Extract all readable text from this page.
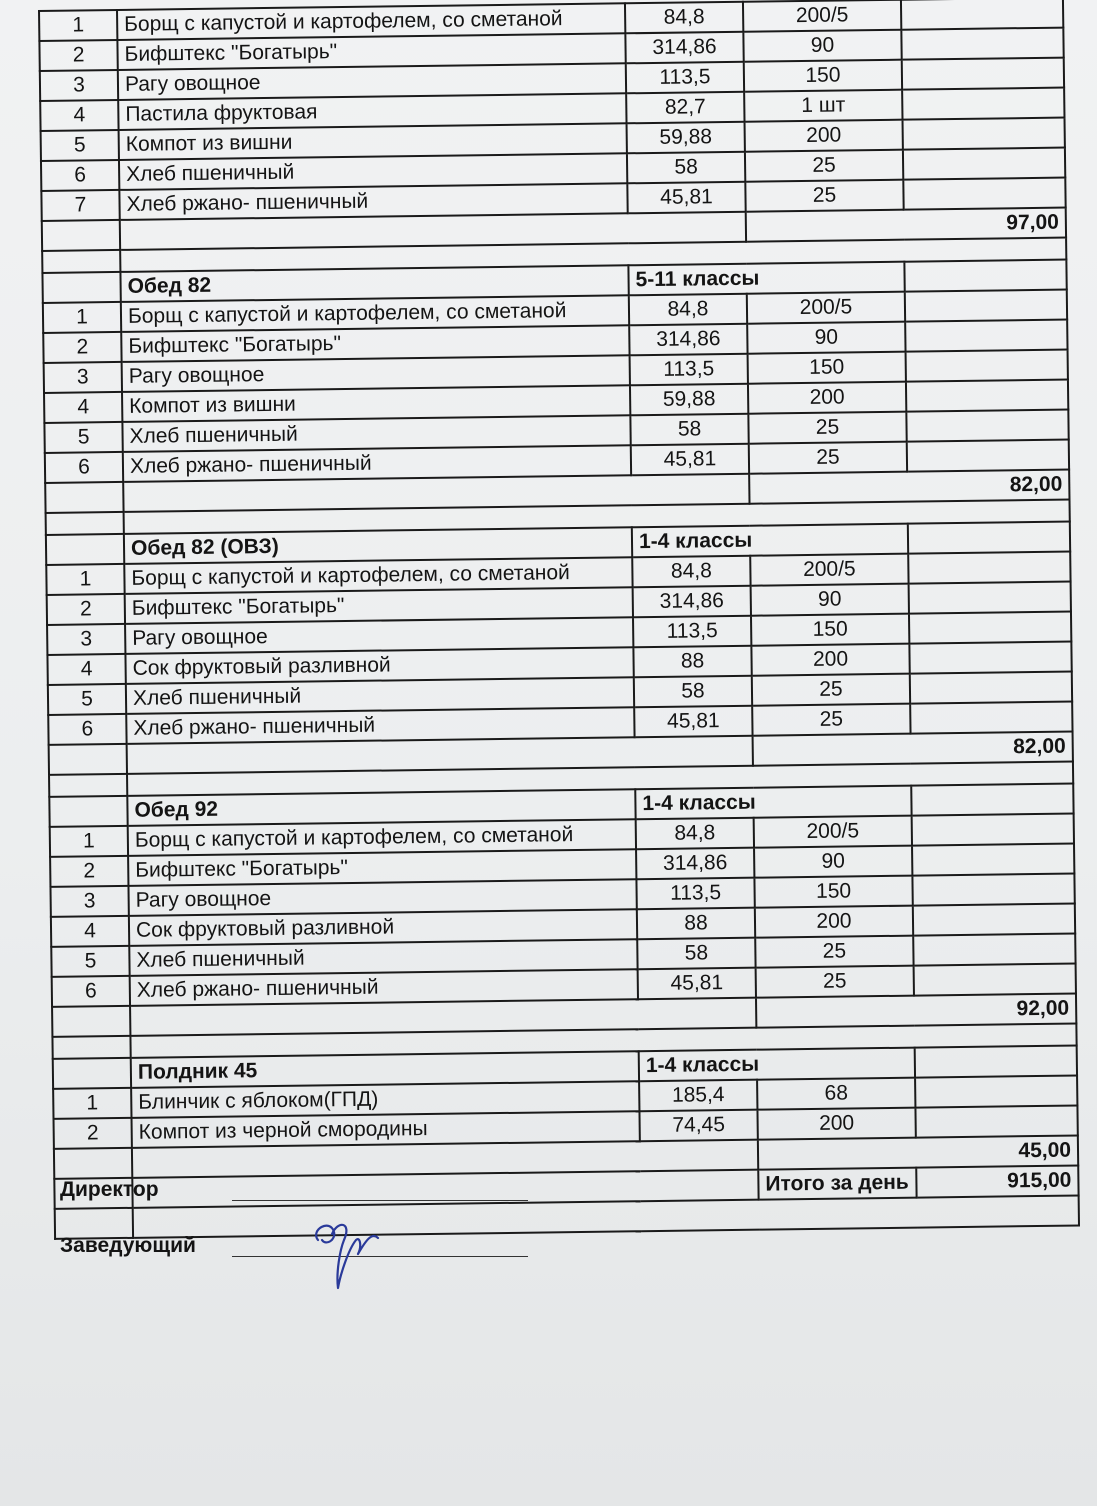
1	Борщ с капустой и картофелем, со сметаной	84,8	200/5	
2	Бифштекс "Богатырь"	314,86	90	
3	Рагу овощное	113,5	150	
4	Пастила фруктовая	82,7	1 шт	
5	Компот из вишни	59,88	200	
6	Хлеб пшеничный	58	25	
7	Хлеб ржано- пшеничный	45,81	25	
			97,00	

	Обед 82	5-11 классы		
1	Борщ с капустой и картофелем, со сметаной	84,8	200/5	
2	Бифштекс "Богатырь"	314,86	90	
3	Рагу овощное	113,5	150	
4	Компот из вишни	59,88	200	
5	Хлеб пшеничный	58	25	
6	Хлеб ржано- пшеничный	45,81	25	
			82,00	

	Обед 82 (ОВЗ)	1-4 классы		
1	Борщ с капустой и картофелем, со сметаной	84,8	200/5	
2	Бифштекс "Богатырь"	314,86	90	
3	Рагу овощное	113,5	150	
4	Сок фруктовый разливной	88	200	
5	Хлеб пшеничный	58	25	
6	Хлеб ржано- пшеничный	45,81	25	
			82,00	

	Обед 92	1-4 классы		
1	Борщ с капустой и картофелем, со сметаной	84,8	200/5	
2	Бифштекс "Богатырь"	314,86	90	
3	Рагу овощное	113,5	150	
4	Сок фруктовый разливной	88	200	
5	Хлеб пшеничный	58	25	
6	Хлеб ржано- пшеничный	45,81	25	
			92,00	

	Полдник 45	1-4 классы		
1	Блинчик с яблоком(ГПД)	185,4	68	
2	Компот из черной смородины	74,45	200	
			45,00	
			Итого за день	915,00

Директор
Заведующий
